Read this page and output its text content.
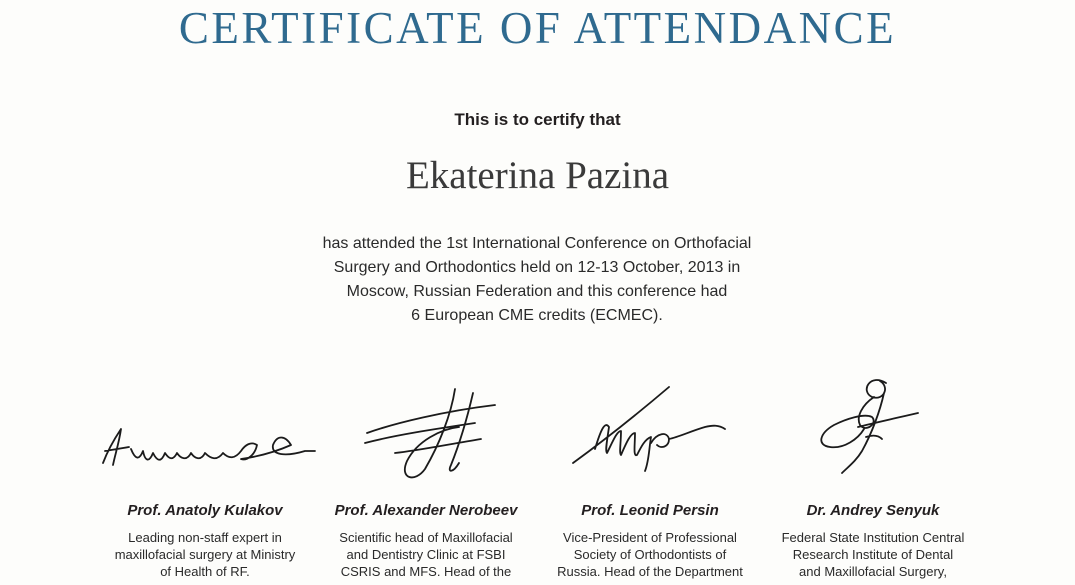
CERTIFICATE OF ATTENDANCE
This is to certify that
Ekaterina Pazina
has attended the 1st International Conference on Orthofacial
Surgery and Orthodontics held on 12-13 October, 2013 in
Moscow, Russian Federation and this conference had
6 European CME credits (ECMEC).
Prof. Anatoly Kulakov
Leading non-staff expert in
maxillofacial surgery at Ministry
of Health of RF.
Prof. Alexander Nerobeev
Scientific head of Maxillofacial
and Dentistry Clinic at FSBI
CSRIS and MFS. Head of the
Prof. Leonid Persin
Vice-President of Professional
Society of Orthodontists of
Russia. Head of the Department
Dr. Andrey Senyuk
Federal State Institution Central
Research Institute of Dental
and Maxillofacial Surgery,
